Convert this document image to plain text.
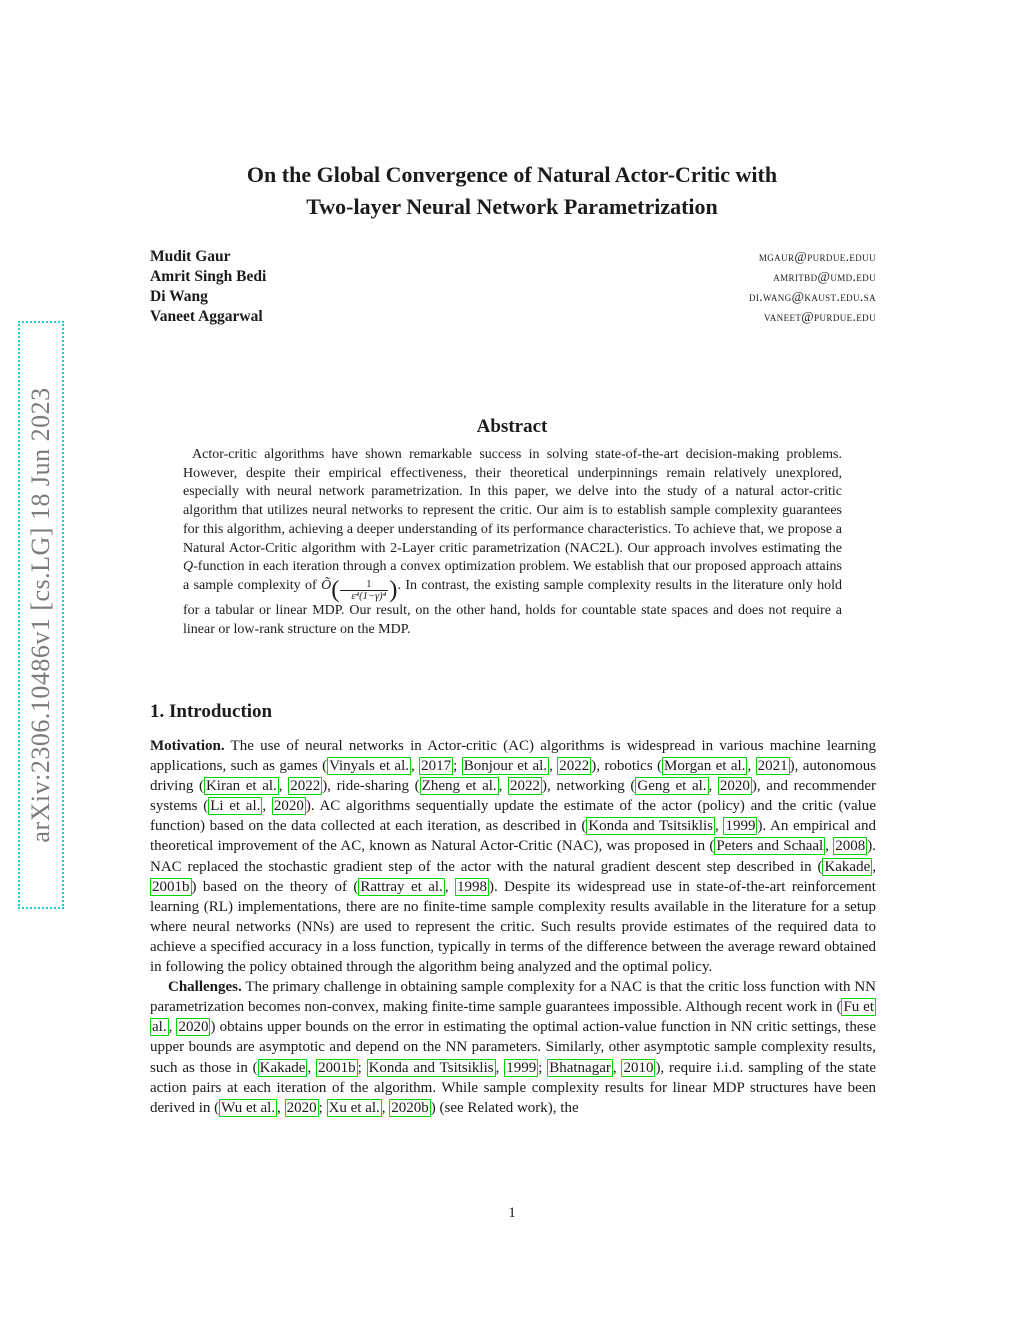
arXiv:2306.10486v1 [cs.LG] 18 Jun 2023
On the Global Convergence of Natural Actor-Critic with
Two-layer Neural Network Parametrization
Mudit Gaur	mgaur@purdue.eduu
Amrit Singh Bedi	amritbd@umd.edu
Di Wang	di.wang@kaust.edu.sa
Vaneet Aggarwal	vaneet@purdue.edu
Abstract

Actor-critic algorithms have shown remarkable success in solving state-of-the-art decision-making problems. However, despite their empirical effectiveness, their theoretical underpinnings remain relatively unexplored, especially with neural network parametrization. In this paper, we delve into the study of a natural actor-critic algorithm that utilizes neural networks to represent the critic. Our aim is to establish sample complexity guarantees for this algorithm, achieving a deeper understanding of its performance characteristics. To achieve that, we propose a Natural Actor-Critic algorithm with 2-Layer critic parametrization (NAC2L). Our approach involves estimating the Q-function in each iteration through a convex optimization problem. We establish that our proposed approach attains a sample complexity of Õ( $\frac{1}{\text{ε⁴(1−γ)⁴}}$ ). In contrast, the existing sample complexity results in the literature only hold for a tabular or linear MDP. Our result, on the other hand, holds for countable state spaces and does not require a linear or low-rank structure on the MDP.

1. Introduction

Motivation. The use of neural networks in Actor-critic (AC) algorithms is widespread in various machine learning applications, such as games ( Vinyals et al. , 2017 ; Bonjour et al. , 2022 ), robotics ( Morgan et al. , 2021 ), autonomous driving ( Kiran et al. , 2022 ), ride-sharing ( Zheng et al. , 2022 ), networking ( Geng et al. , 2020 ), and recommender systems ( Li et al. , 2020 ). AC algorithms sequentially update the estimate of the actor (policy) and the critic (value function) based on the data collected at each iteration, as described in ( Konda and Tsitsiklis , 1999 ). An empirical and theoretical improvement of the AC, known as Natural Actor-Critic (NAC), was proposed in ( Peters and Schaal , 2008 ). NAC replaced the stochastic gradient step of the actor with the natural gradient descent step described in ( Kakade , 2001b ) based on the theory of ( Rattray et al. , 1998 ). Despite its widespread use in state-of-the-art reinforcement learning (RL) implementations, there are no finite-time sample complexity results available in the literature for a setup where neural networks (NNs) are used to represent the critic. Such results provide estimates of the required data to achieve a specified accuracy in a loss function, typically in terms of the difference between the average reward obtained in following the policy obtained through the algorithm being analyzed and the optimal policy.

Challenges. The primary challenge in obtaining sample complexity for a NAC is that the critic loss function with NN parametrization becomes non-convex, making finite-time sample guarantees impossible. Although recent work in ( Fu et al. , 2020 ) obtains upper bounds on the error in estimating the optimal action-value function in NN critic settings, these upper bounds are asymptotic and depend on the NN parameters. Similarly, other asymptotic sample complexity results, such as those in ( Kakade , 2001b ; Konda and Tsitsiklis , 1999 ; Bhatnagar , 2010 ), require i.i.d. sampling of the state action pairs at each iteration of the algorithm. While sample complexity results for linear MDP structures have been derived in ( Wu et al. , 2020 ; Xu et al. , 2020b ) (see Related work), the

1
